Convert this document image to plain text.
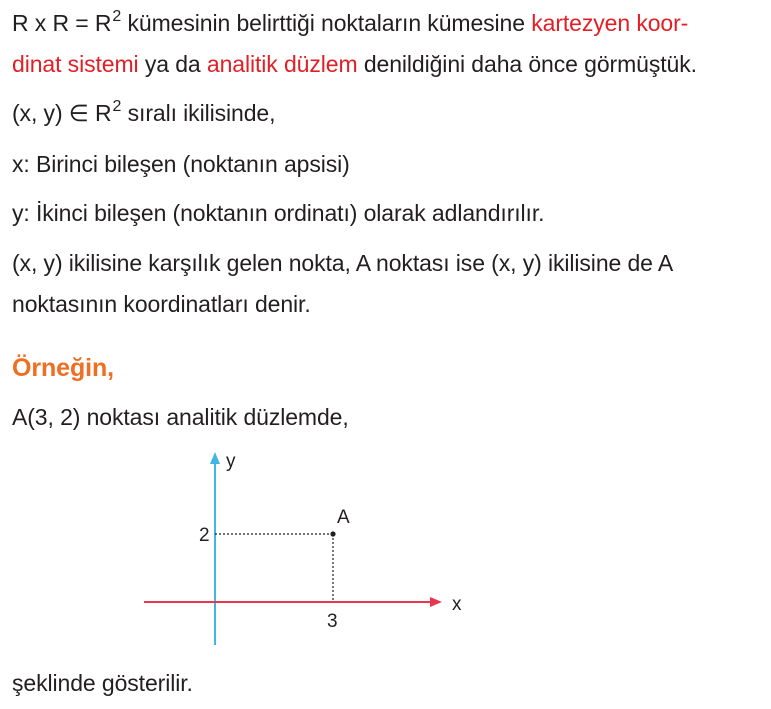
R x $R = R^2$ kümesinin belirttiği noktaların kümesine kartezyen koor-
dinat sistemi ya da analitik düzlem denildiğini daha önce görmüştük.
(x, y) ∈ $R^2$ sıralı ikilisinde,
x: Birinci bileşen (noktanın apsisi)
y: İkinci bileşen (noktanın ordinatı) olarak adlandırılır.
(x, y) ikilisine karşılık gelen nokta, A noktası ise (x, y) ikilisine de A
noktasının koordinatları denir.
Örneğin,
A(3, 2) noktası analitik düzlemde,
y
x
A
2
3
şeklinde gösterilir.
